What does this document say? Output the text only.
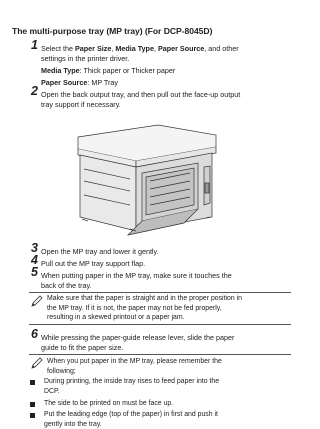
The multi-purpose tray (MP tray) (For DCP-8045D)
1 Select the Paper Size, Media Type, Paper Source, and other
settings in the printer driver.
Media Type: Thick paper or Thicker paper
Paper Source: MP Tray
2 Open the back output tray, and then pull out the face-up output
tray support if necessary.
3 Open the MP tray and lower it gently.
4 Pull out the MP tray support flap.
5 When putting paper in the MP tray, make sure it touches the
back of the tray.
Make sure that the paper is straight and in the proper position in
the MP tray. If it is not, the paper may not be fed properly,
resulting in a skewed printout or a paper jam.
6 While pressing the paper-guide release lever, slide the paper
guide to fit the paper size.
When you put paper in the MP tray, please remember the
following;
During printing, the inside tray rises to feed paper into the
DCP.
The side to be printed on must be face up.
Put the leading edge (top of the paper) in first and push it
gently into the tray.
